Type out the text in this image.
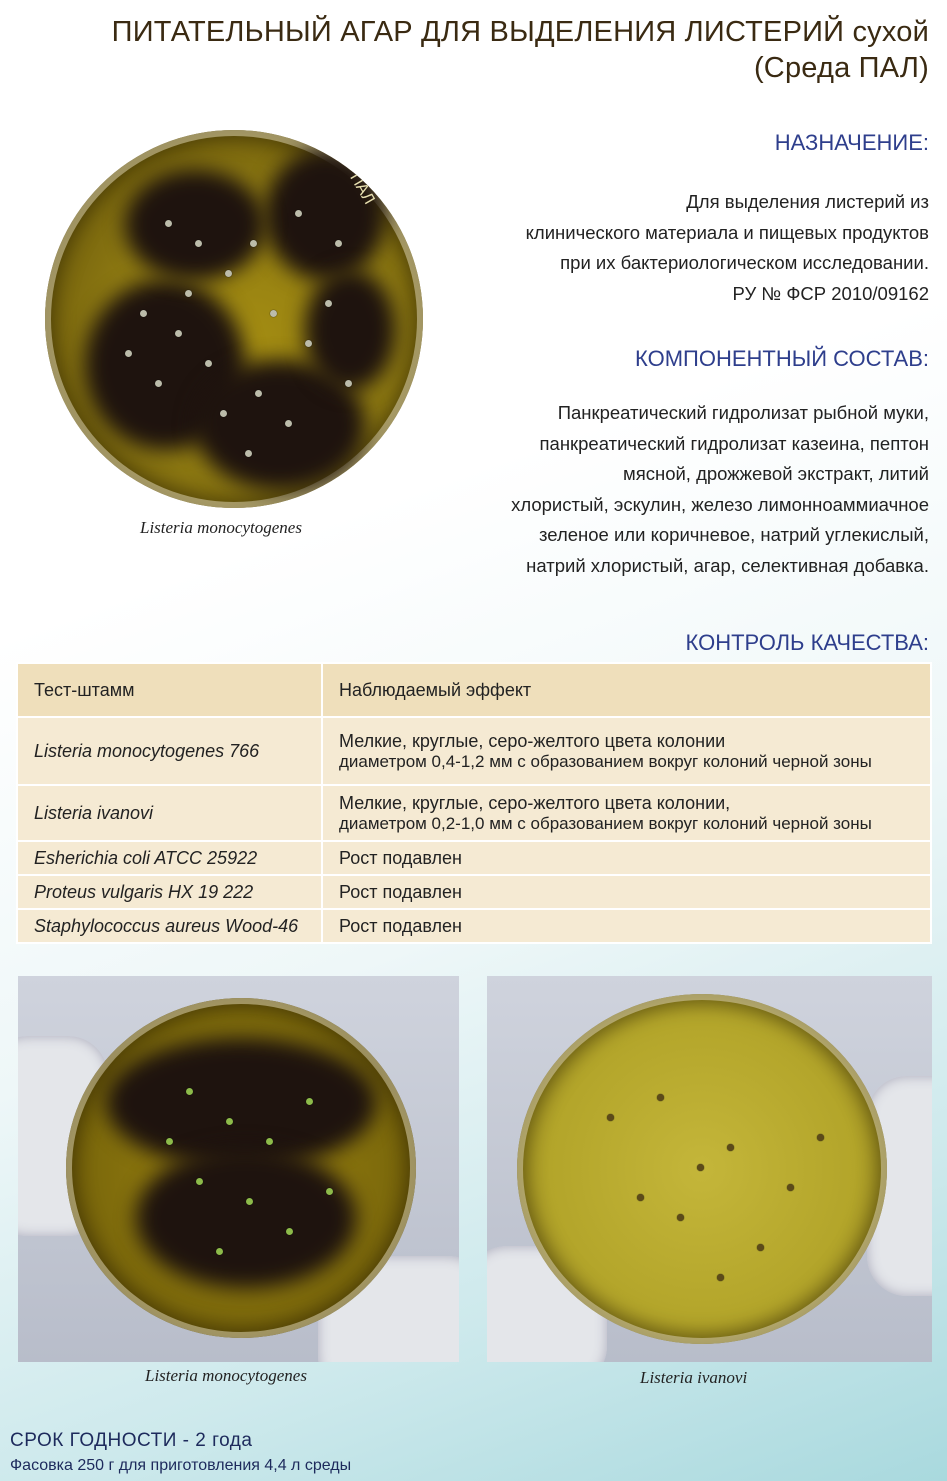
ПИТАТЕЛЬНЫЙ АГАР ДЛЯ ВЫДЕЛЕНИЯ ЛИСТЕРИЙ сухой
(Среда ПАЛ)
ПАЛ
Listeria monocytogenes
НАЗНАЧЕНИЕ:
Для выделения листерий из
клинического материала и пищевых продуктов
при их бактериологическом исследовании.
РУ № ФСР 2010/09162
КОМПОНЕНТНЫЙ СОСТАВ:
Панкреатический гидролизат рыбной муки,
панкреатический гидролизат казеина, пептон
мясной, дрожжевой экстракт, литий
хлористый, эскулин, железо лимонноаммиачное
зеленое или коричневое, натрий углекислый,
натрий хлористый, агар, селективная добавка.
КОНТРОЛЬ КАЧЕСТВА:
Тест-штамм	Наблюдаемый эффект
Listeria monocytogenes 766	Мелкие, круглые, серо-желтого цвета колонии
диаметром 0,4-1,2 мм с образованием вокруг колоний черной зоны

Listeria ivanovi	Мелкие, круглые, серо-желтого цвета колонии,
диаметром 0,2-1,0 мм с образованием вокруг колоний черной зоны

Esherichia coli ATCC 25922	Рост подавлен
Proteus vulgaris HX 19 222	Рост подавлен
Staphylococcus aureus Wood-46	Рост подавлен
Listeria monocytogenes	Listeria ivanovi
СРОК ГОДНОСТИ - 2 года
Фасовка 250 г для приготовления 4,4 л среды
